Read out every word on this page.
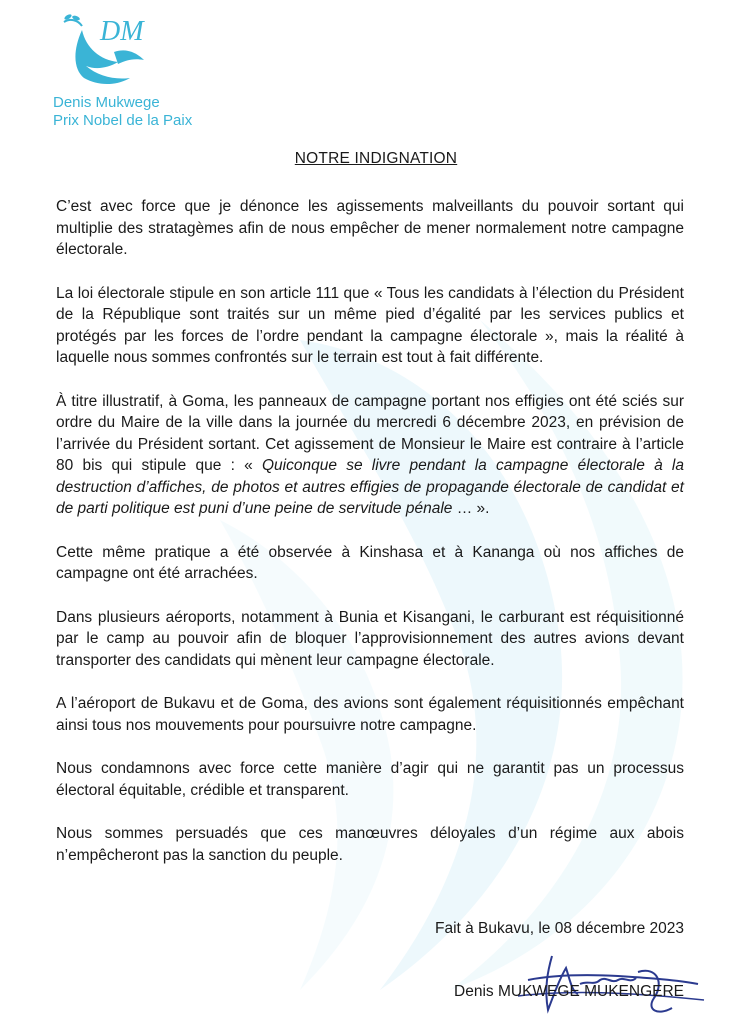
DM
Denis Mukwege
Prix Nobel de la Paix
NOTRE INDIGNATION

C’est avec force que je dénonce les agissements malveillants du pouvoir sortant qui multiplie des stratagèmes afin de nous empêcher de mener normalement notre campagne électorale.

La loi électorale stipule en son article 111 que « Tous les candidats à l’élection du Président de la République sont traités sur un même pied d’égalité par les services publics et protégés par les forces de l’ordre pendant la campagne électorale », mais la réalité à laquelle nous sommes confrontés sur le terrain est tout à fait différente.

À titre illustratif, à Goma, les panneaux de campagne portant nos effigies ont été sciés sur ordre du Maire de la ville dans la journée du mercredi 6 décembre 2023, en prévision de l’arrivée du Président sortant. Cet agissement de Monsieur le Maire est contraire à l’article 80 bis qui stipule que : « Quiconque se livre pendant la campagne électorale à la destruction d’affiches, de photos et autres effigies de propagande électorale de candidat et de parti politique est puni d’une peine de servitude pénale … ».

Cette même pratique a été observée à Kinshasa et à Kananga où nos affiches de campagne ont été arrachées.

Dans plusieurs aéroports, notamment à Bunia et Kisangani, le carburant est réquisitionné par le camp au pouvoir afin de bloquer l’approvisionnement des autres avions devant transporter des candidats qui mènent leur campagne électorale.

A l’aéroport de Bukavu et de Goma, des avions sont également réquisitionnés empêchant ainsi tous nos mouvements pour poursuivre notre campagne.

Nous condamnons avec force cette manière d’agir qui ne garantit pas un processus électoral équitable, crédible et transparent.

Nous sommes persuadés que ces manœuvres déloyales d’un régime aux abois n’empêcheront pas la sanction du peuple.

Fait à Bukavu, le 08 décembre 2023
Denis MUKWEGE MUKENGERE
